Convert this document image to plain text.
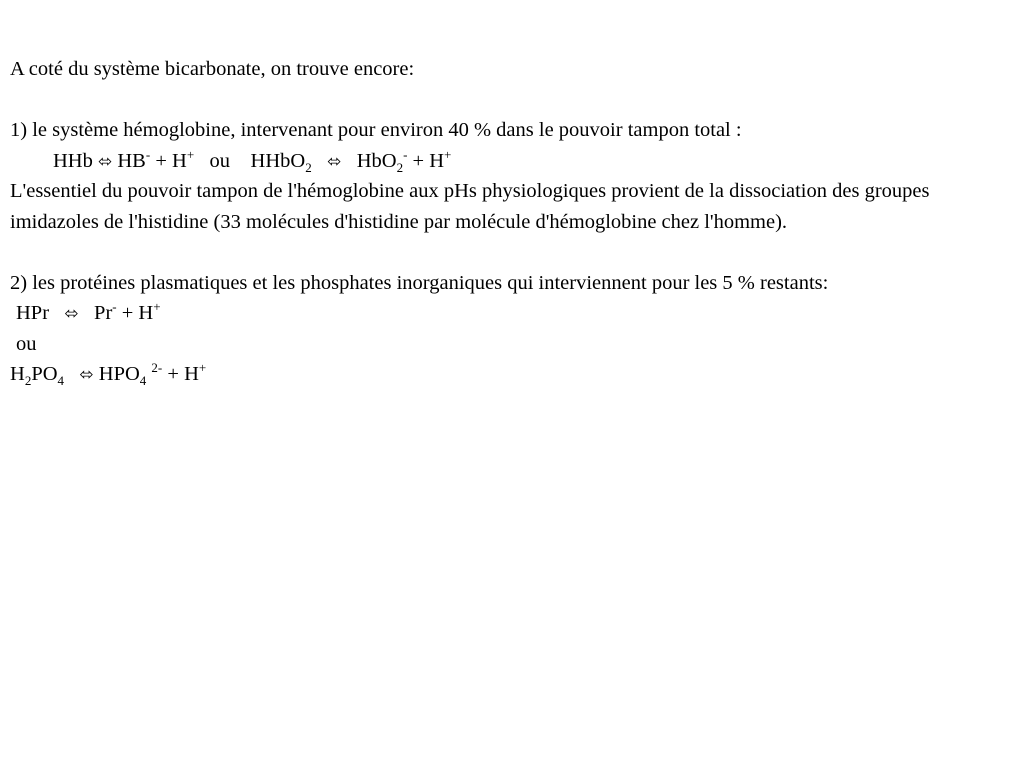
A coté du système bicarbonate, on trouve encore:
1) le système hémoglobine, intervenant pour environ 40 % dans le pouvoir tampon total :
HHb ⬄ HB- + H+ ou HHbO$_2$ ⬄ HbO$_2$- + H+
L'essentiel du pouvoir tampon de l'hémoglobine aux pHs physiologiques provient de la dissociation des groupes imidazoles de l'histidine (33 molécules d'histidine par molécule d'hémoglobine chez l'homme).
2) les protéines plasmatiques et les phosphates inorganiques qui interviennent pour les 5 % restants:
HPr ⬄ Pr- + H+
ou
$H_2PO_4$ ⬄ $HPO_4$ $^{2-}$ + H+
